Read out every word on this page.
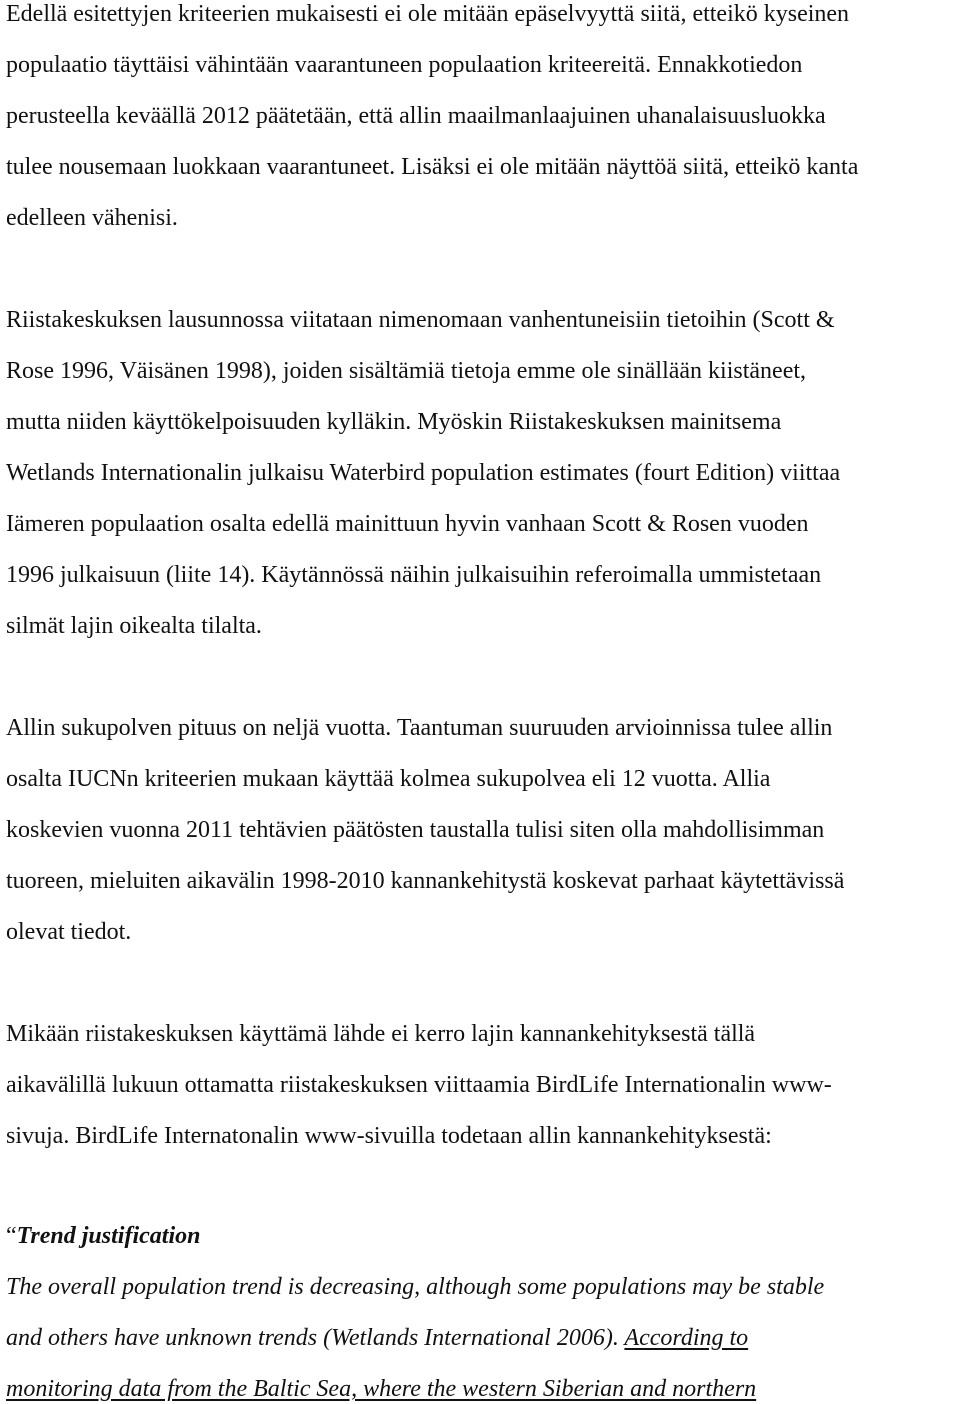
Edellä esitettyjen kriteerien mukaisesti ei ole mitään epäselvyyttä siitä, etteikö kyseinen
populaatio täyttäisi vähintään vaarantuneen populaation kriteereitä. Ennakkotiedon
perusteella keväällä 2012 päätetään, että allin maailmanlaajuinen uhanalaisuusluokka
tulee nousemaan luokkaan vaarantuneet. Lisäksi ei ole mitään näyttöä siitä, etteikö kanta
edelleen vähenisi.
Riistakeskuksen lausunnossa viitataan nimenomaan vanhentuneisiin tietoihin (Scott &
Rose 1996, Väisänen 1998), joiden sisältämiä tietoja emme ole sinällään kiistäneet,
mutta niiden käyttökelpoisuuden kylläkin. Myöskin Riistakeskuksen mainitsema
Wetlands Internationalin julkaisu Waterbird population estimates (fourt Edition) viittaa
Iämeren populaation osalta edellä mainittuun hyvin vanhaan Scott & Rosen vuoden
1996 julkaisuun (liite 14). Käytännössä näihin julkaisuihin referoimalla ummistetaan
silmät lajin oikealta tilalta.
Allin sukupolven pituus on neljä vuotta. Taantuman suuruuden arvioinnissa tulee allin
osalta IUCNn kriteerien mukaan käyttää kolmea sukupolvea eli 12 vuotta. Allia
koskevien vuonna 2011 tehtävien päätösten taustalla tulisi siten olla mahdollisimman
tuoreen, mieluiten aikavälin 1998-2010 kannankehitystä koskevat parhaat käytettävissä
olevat tiedot.
Mikään riistakeskuksen käyttämä lähde ei kerro lajin kannankehityksestä tällä
aikavälillä lukuun ottamatta riistakeskuksen viittaamia BirdLife Internationalin www-
sivuja. BirdLife Internatonalin www-sivuilla todetaan allin kannankehityksestä:
“Trend justification
The overall population trend is decreasing, although some populations may be stable
and others have unknown trends (Wetlands International 2006). According to
monitoring data from the Baltic Sea, where the western Siberian and northern
